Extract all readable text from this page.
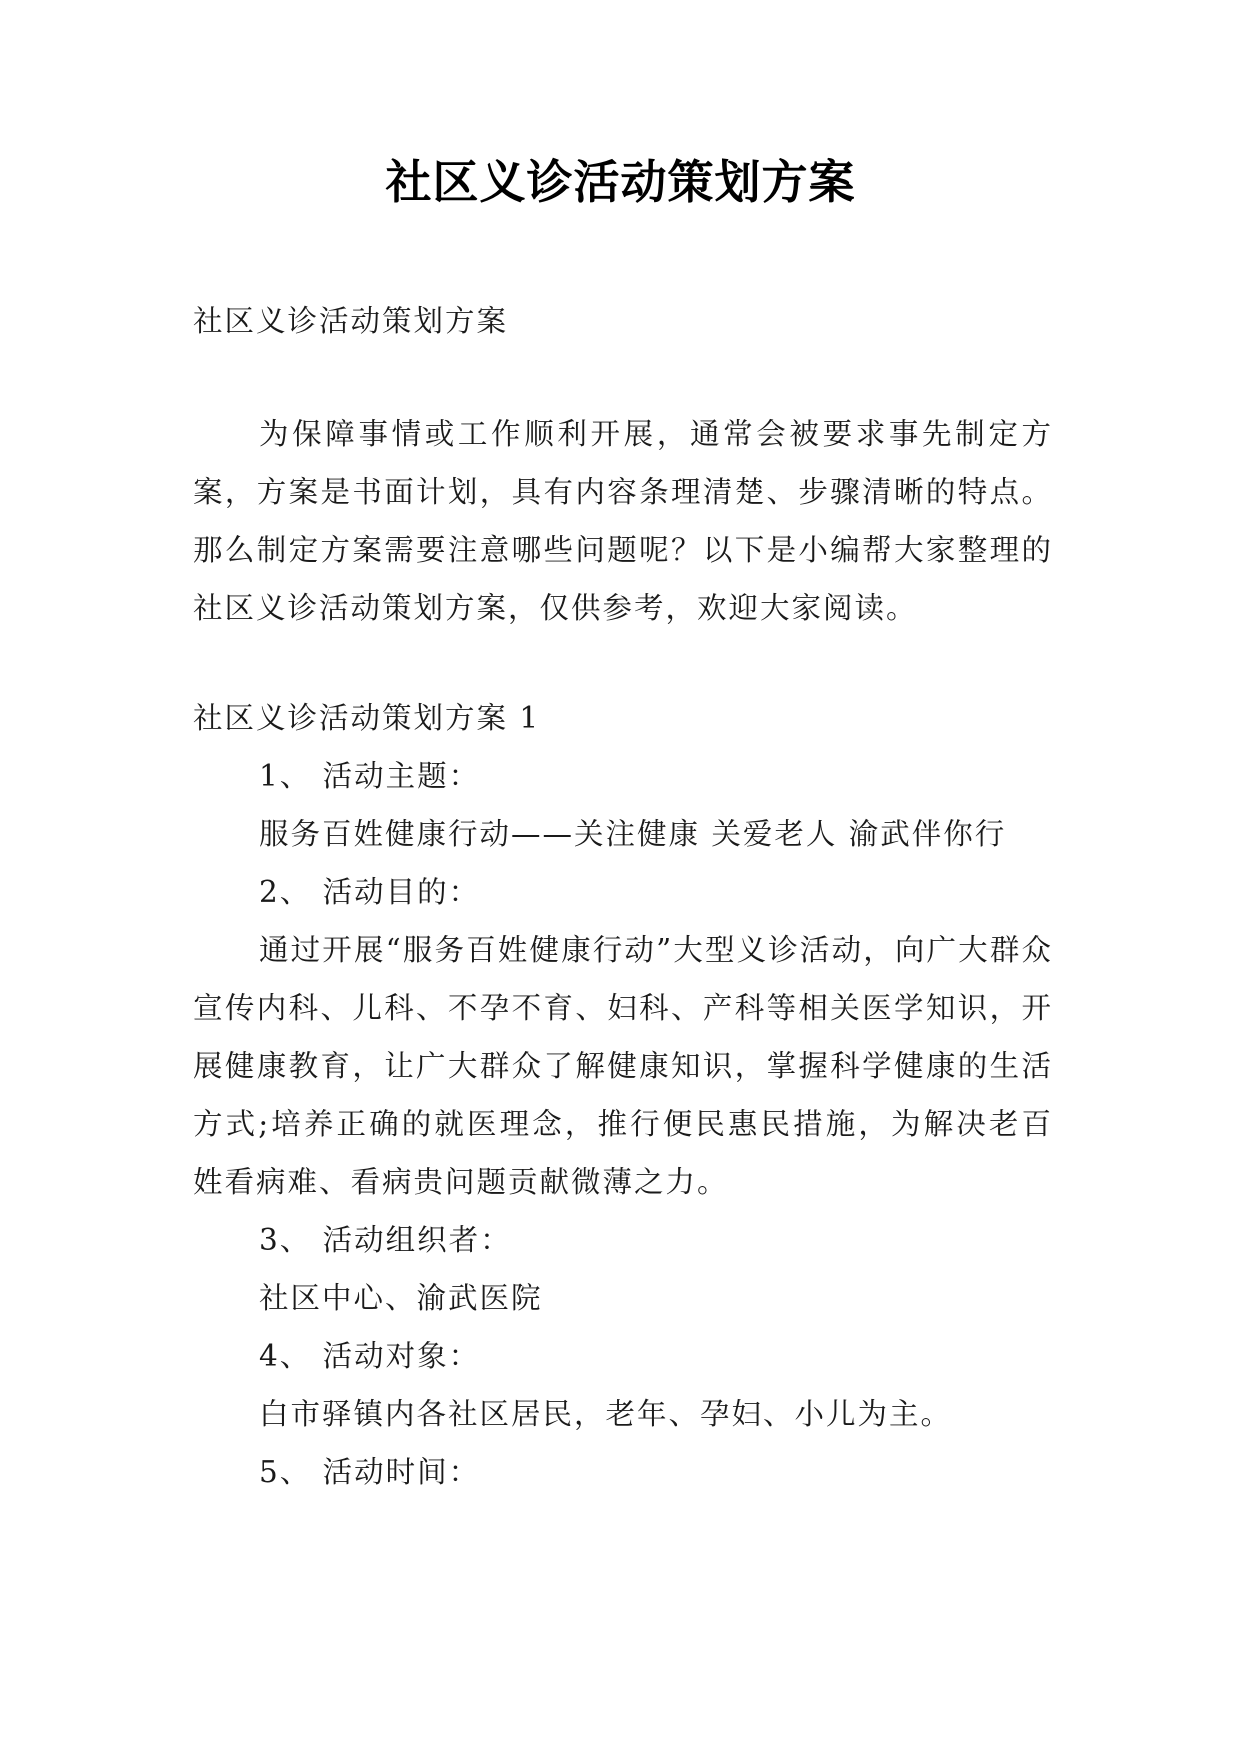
社区义诊活动策划方案
社区义诊活动策划方案
为保障事情或工作顺利开展，通常会被要求事先制定方案，方案是书面计划，具有内容条理清楚、步骤清晰的特点。那么制定方案需要注意哪些问题呢？以下是小编帮大家整理的社区义诊活动策划方案，仅供参考，欢迎大家阅读。
社区义诊活动策划方案 1
1、 活动主题：
服务百姓健康行动——关注健康 关爱老人 渝武伴你行
2、 活动目的：
通过开展“服务百姓健康行动”大型义诊活动，向广大群众宣传内科、儿科、不孕不育、妇科、产科等相关医学知识，开展健康教育，让广大群众了解健康知识，掌握科学健康的生活方式;培养正确的就医理念，推行便民惠民措施，为解决老百姓看病难、看病贵问题贡献微薄之力。
3、 活动组织者：
社区中心、渝武医院
4、 活动对象：
白市驿镇内各社区居民，老年、孕妇、小儿为主。
5、 活动时间：
